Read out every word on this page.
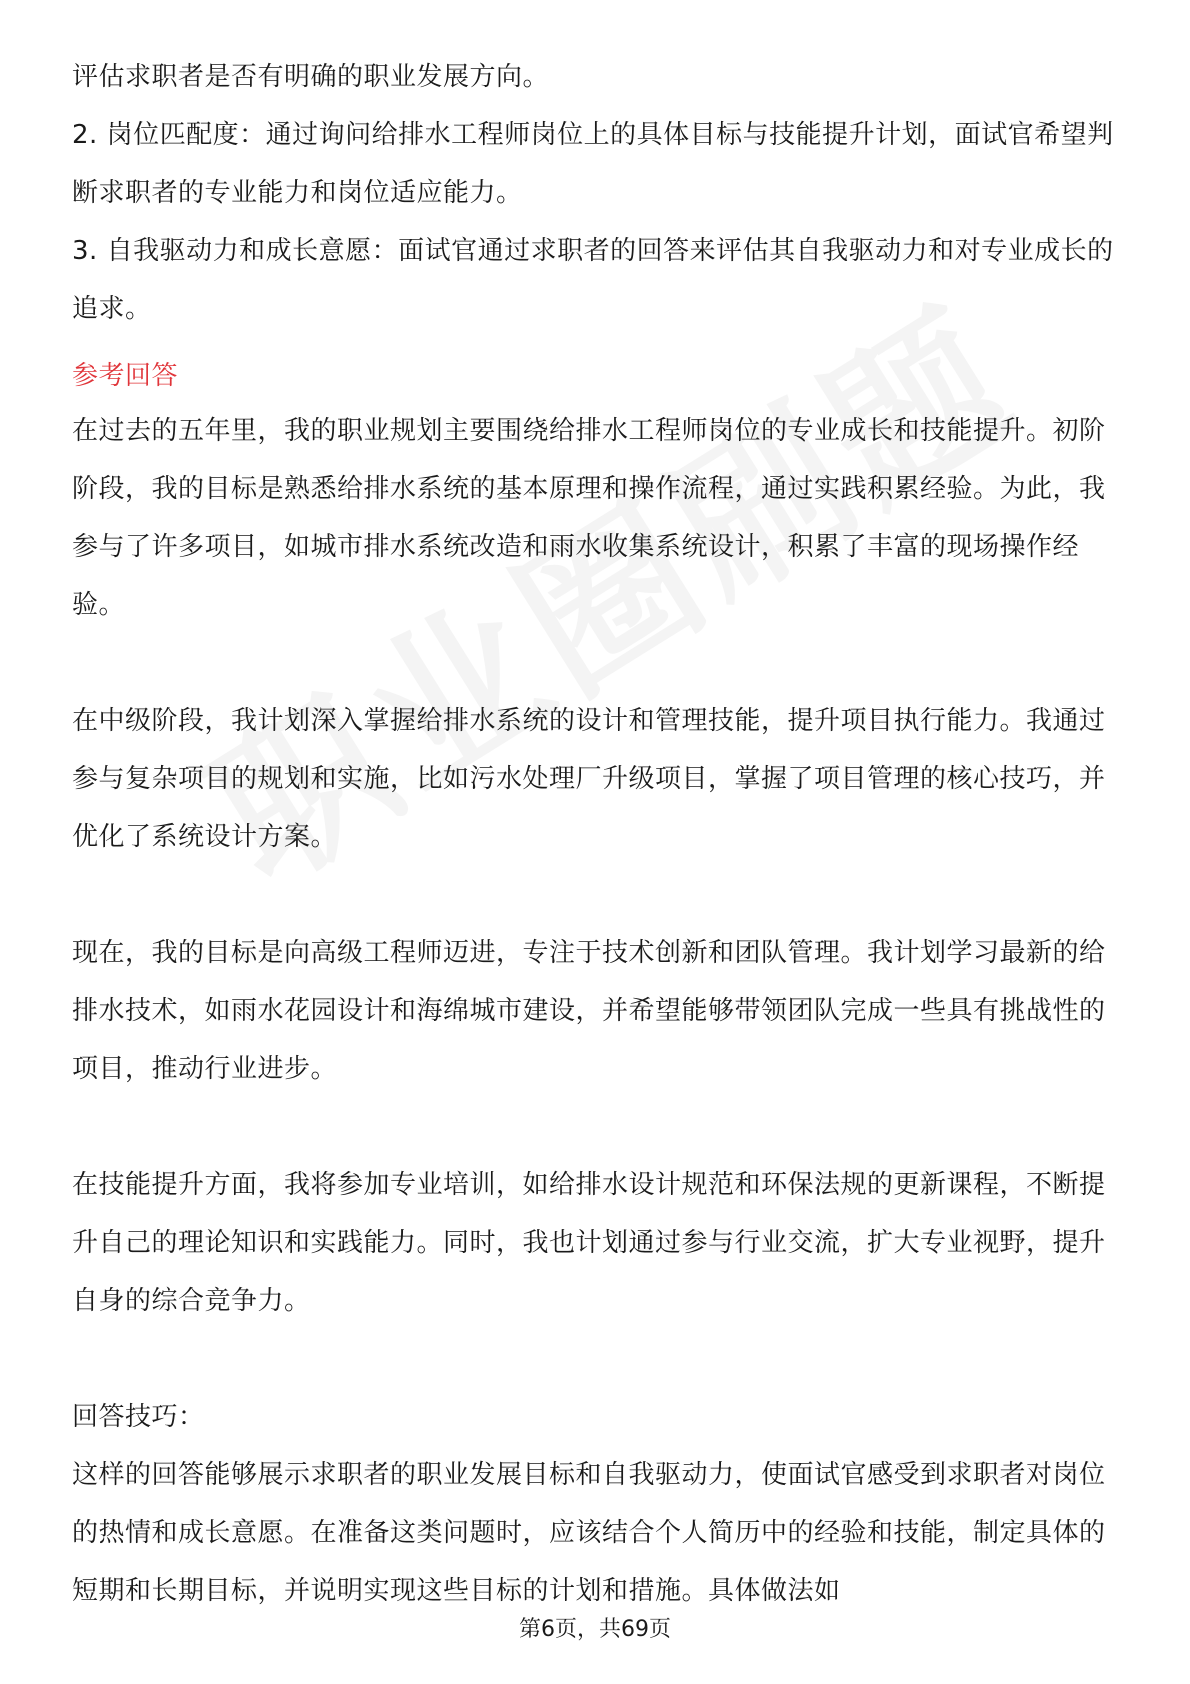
评估求职者是否有明确的职业发展方向。

2. 岗位匹配度：通过询问给排水工程师岗位上的具体目标与技能提升计划，面试官希望判断求职者的专业能力和岗位适应能力。

3. 自我驱动力和成长意愿：面试官通过求职者的回答来评估其自我驱动力和对专业成长的追求。

参考回答

在过去的五年里，我的职业规划主要围绕给排水工程师岗位的专业成长和技能提升。初阶阶段，我的目标是熟悉给排水系统的基本原理和操作流程，通过实践积累经验。为此，我参与了许多项目，如城市排水系统改造和雨水收集系统设计，积累了丰富的现场操作经验。

在中级阶段，我计划深入掌握给排水系统的设计和管理技能，提升项目执行能力。我通过参与复杂项目的规划和实施，比如污水处理厂升级项目，掌握了项目管理的核心技巧，并优化了系统设计方案。

现在，我的目标是向高级工程师迈进，专注于技术创新和团队管理。我计划学习最新的给排水技术，如雨水花园设计和海绵城市建设，并希望能够带领团队完成一些具有挑战性的项目，推动行业进步。

在技能提升方面，我将参加专业培训，如给排水设计规范和环保法规的更新课程，不断提升自己的理论知识和实践能力。同时，我也计划通过参与行业交流，扩大专业视野，提升自身的综合竞争力。

回答技巧：

这样的回答能够展示求职者的职业发展目标和自我驱动力，使面试官感受到求职者对岗位的热情和成长意愿。在准备这类问题时，应该结合个人简历中的经验和技能，制定具体的短期和长期目标，并说明实现这些目标的计划和措施。具体做法如

第6页，共69页
